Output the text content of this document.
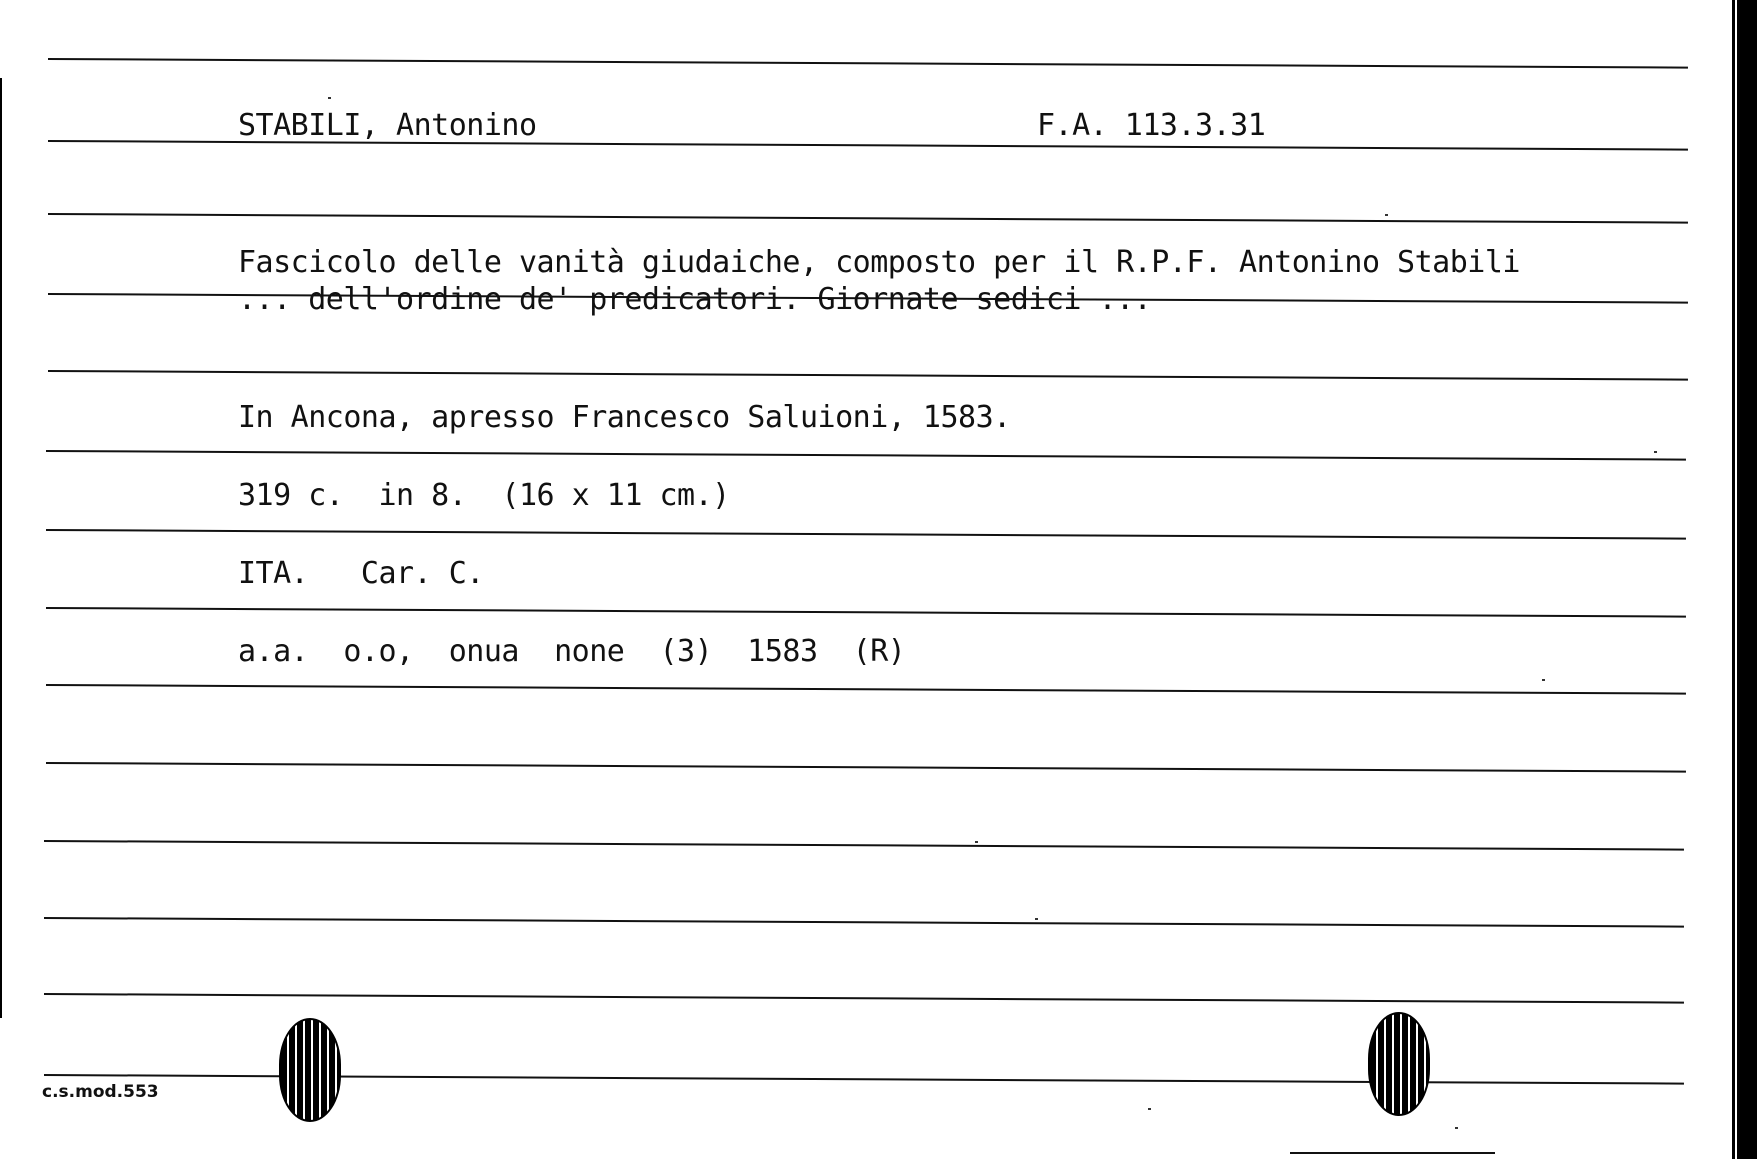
STABILI, Antonino	F.A. 113.3.31
Fascicolo delle vanità giudaiche, composto per il R.P.F. Antonino Stabili
... dell'ordine de' predicatori. Giornate sedici ...
In Ancona, apresso Francesco Saluioni, 1583.
319 c.  in 8.  (16 x 11 cm.)
ITA.   Car. C.
a.a.  o.o,  onua  none  (3)  1583  (R)
c.s.mod.553
